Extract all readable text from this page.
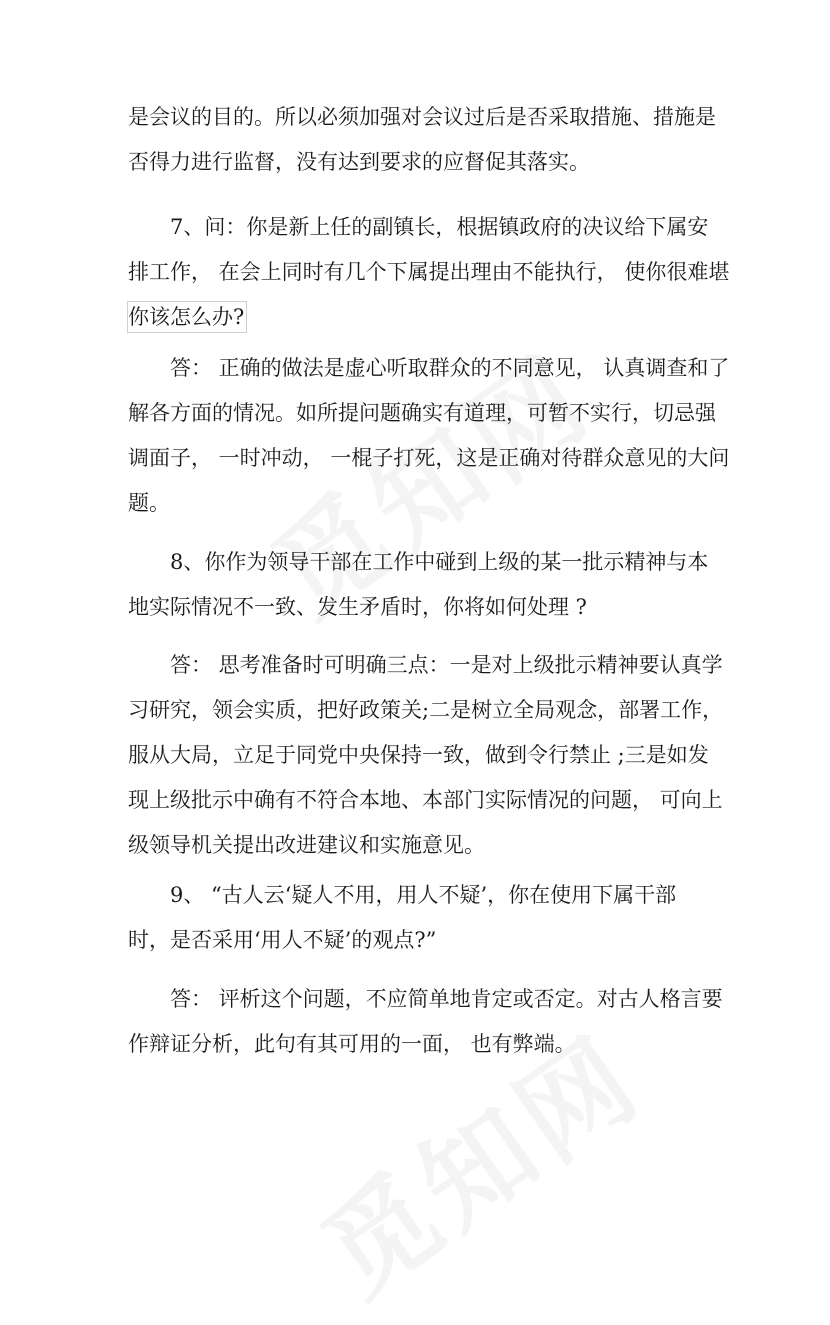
是会议的目的。所以必须加强对会议过后是否采取措施、措施是
否得力进行监督，没有达到要求的应督促其落实。
7、问：你是新上任的副镇长，根据镇政府的决议给下属安
排工作， 在会上同时有几个下属提出理由不能执行， 使你很难堪
你该怎么办?
答： 正确的做法是虚心听取群众的不同意见， 认真调查和了
解各方面的情况。如所提问题确实有道理，可暂不实行，切忌强
调面子， 一时冲动， 一棍子打死，这是正确对待群众意见的大问
题。
8、你作为领导干部在工作中碰到上级的某一批示精神与本
地实际情况不一致、发生矛盾时，你将如何处理 ?
答： 思考准备时可明确三点：一是对上级批示精神要认真学
习研究，领会实质，把好政策关;二是树立全局观念，部署工作，
服从大局，立足于同党中央保持一致，做到令行禁止 ;三是如发
现上级批示中确有不符合本地、本部门实际情况的问题， 可向上
级领导机关提出改进建议和实施意见。
9、 “古人云‘疑人不用，用人不疑’，你在使用下属干部
时，是否采用‘用人不疑’的观点?”
答： 评析这个问题，不应简单地肯定或否定。对古人格言要
作辩证分析，此句有其可用的一面， 也有弊端。
